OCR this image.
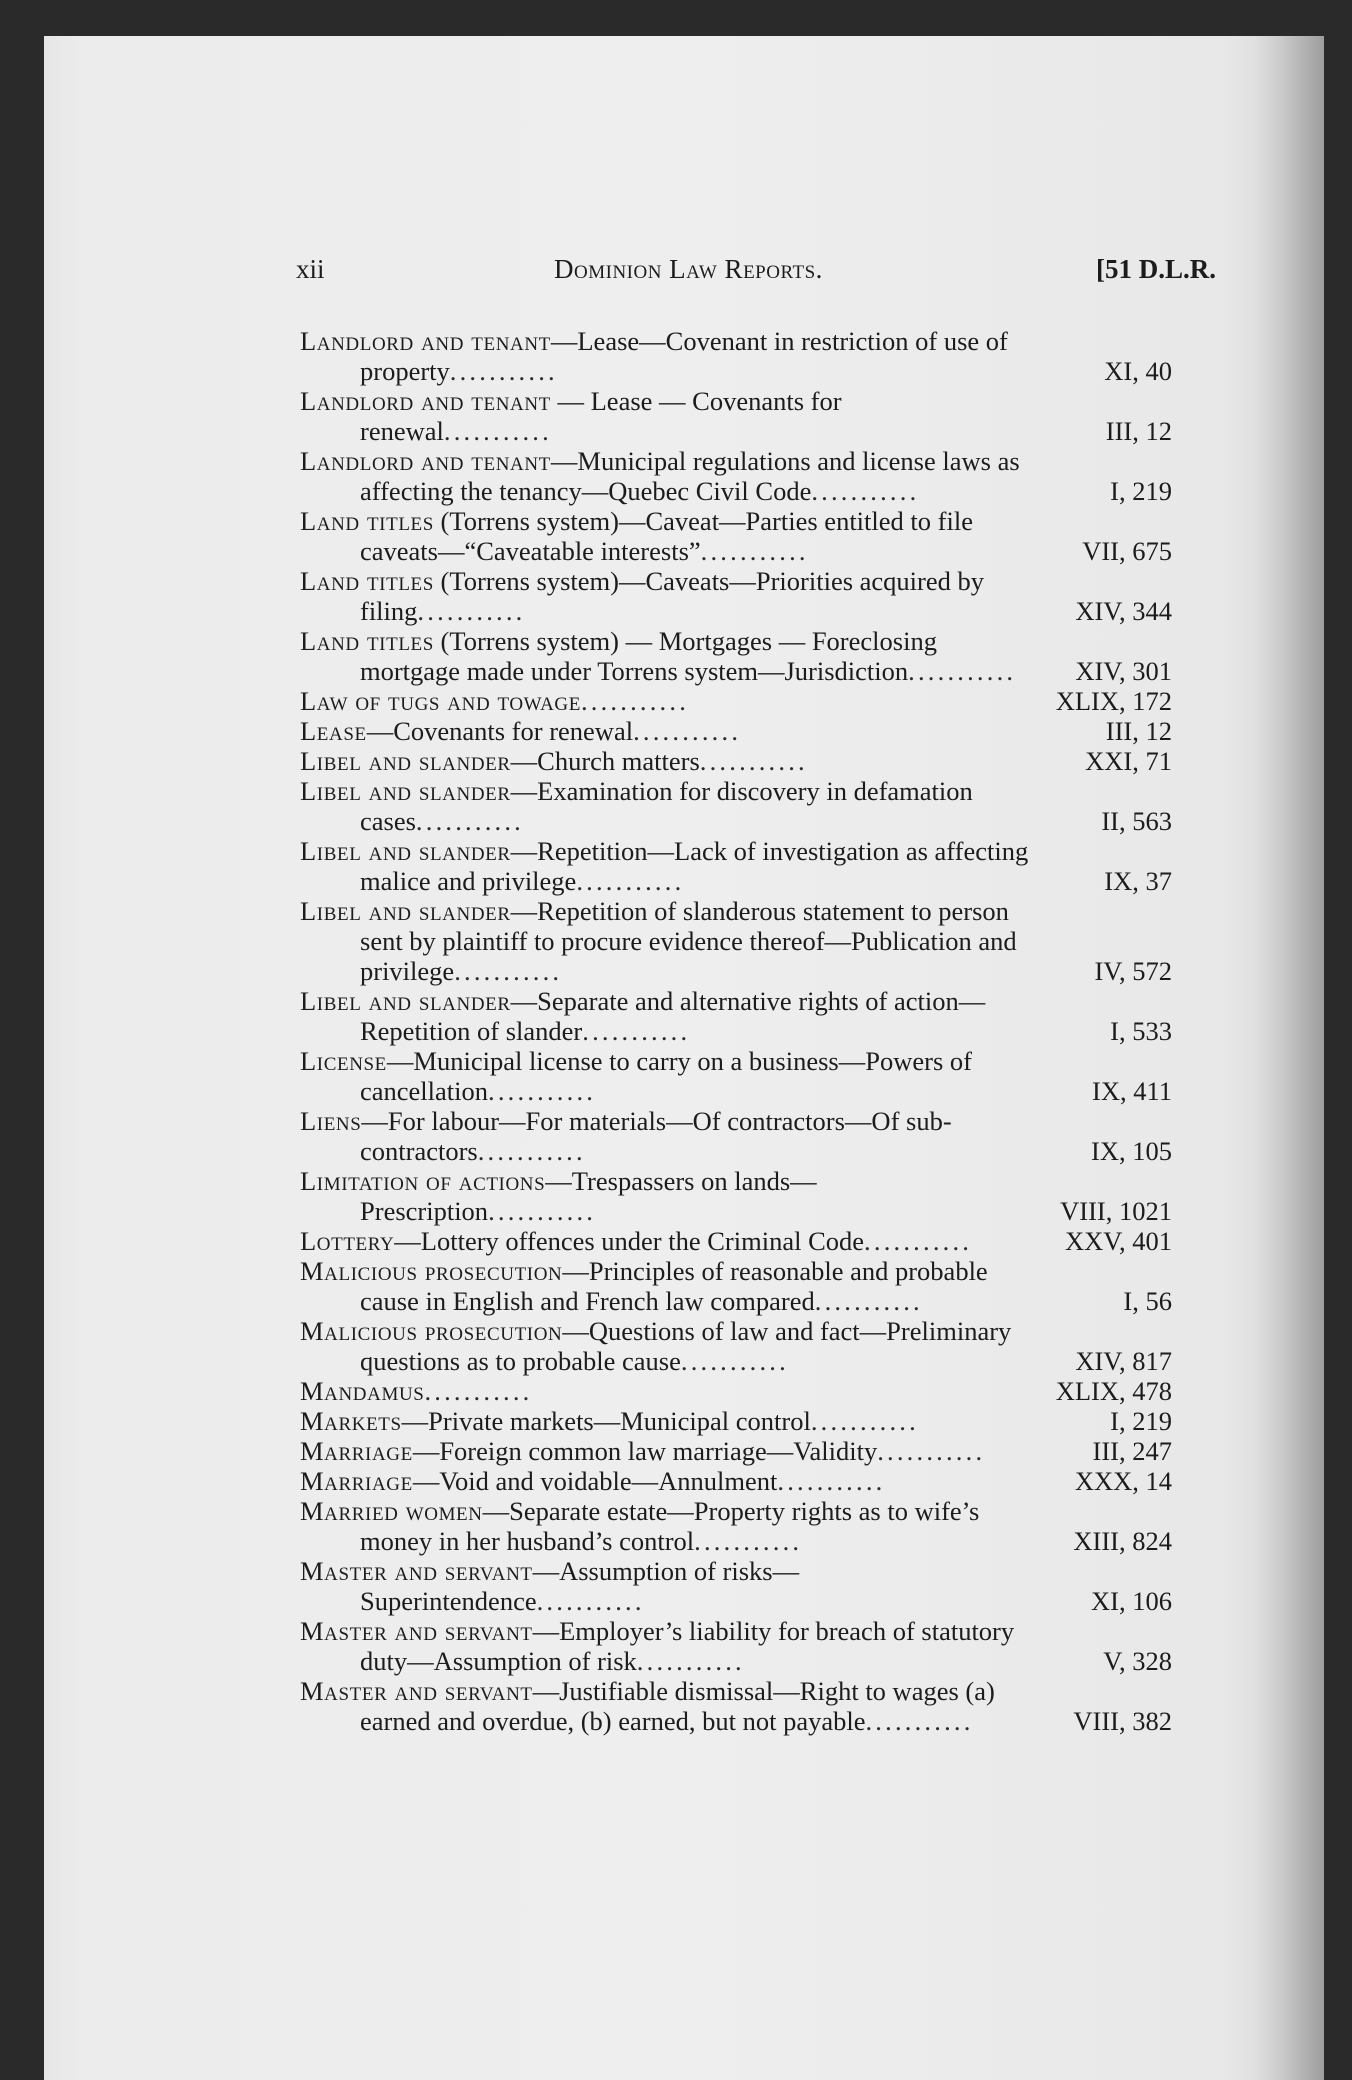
xii	Dominion Law Reports.	[51 D.L.R.
Landlord and tenant—Lease—Covenant in restriction of use of property...........	XI, 40
Landlord and tenant — Lease — Covenants for renewal...........	III, 12
Landlord and tenant—Municipal regulations and license laws as affecting the tenancy—Quebec Civil Code...........	I, 219
Land titles (Torrens system)—Caveat—Parties entitled to file caveats—“Caveatable interests”...........	VII, 675
Land titles (Torrens system)—Caveats—Priorities acquired by filing...........	XIV, 344
Land titles (Torrens system) — Mortgages — Foreclosing mortgage made under Torrens system—Jurisdiction...........	XIV, 301
Law of tugs and towage...........	XLIX, 172
Lease—Covenants for renewal...........	III, 12
Libel and slander—Church matters...........	XXI, 71
Libel and slander—Examination for discovery in defamation cases...........	II, 563
Libel and slander—Repetition—Lack of investigation as affecting malice and privilege...........	IX, 37
Libel and slander—Repetition of slanderous statement to person sent by plaintiff to procure evidence thereof—Publication and privilege...........	IV, 572
Libel and slander—Separate and alternative rights of action—Repetition of slander...........	I, 533
License—Municipal license to carry on a business—Powers of cancellation...........	IX, 411
Liens—For labour—For materials—Of contractors—Of sub-contractors...........	IX, 105
Limitation of actions—Trespassers on lands—Prescription...........	VIII, 1021
Lottery—Lottery offences under the Criminal Code...........	XXV, 401
Malicious prosecution—Principles of reasonable and probable cause in English and French law compared...........	I, 56
Malicious prosecution—Questions of law and fact—Preliminary questions as to probable cause...........	XIV, 817
Mandamus...........	XLIX, 478
Markets—Private markets—Municipal control...........	I, 219
Marriage—Foreign common law marriage—Validity...........	III, 247
Marriage—Void and voidable—Annulment...........	XXX, 14
Married women—Separate estate—Property rights as to wife’s money in her husband’s control...........	XIII, 824
Master and servant—Assumption of risks—Superintendence...........	XI, 106
Master and servant—Employer’s liability for breach of statutory duty—Assumption of risk...........	V, 328
Master and servant—Justifiable dismissal—Right to wages (a) earned and overdue, (b) earned, but not payable...........	VIII, 382
